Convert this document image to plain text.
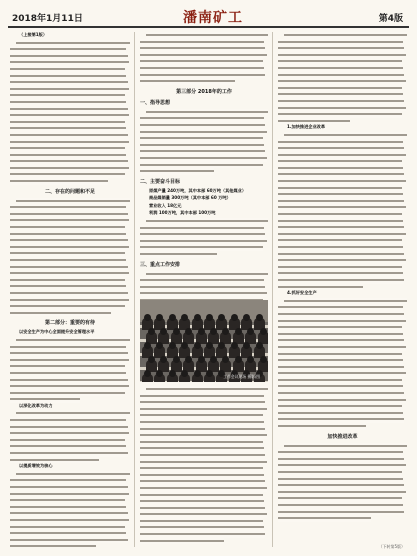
2018年1月11日	潘南矿工	第4版
（上接第1版）
二、存在的问题和不足
第二部分：重要的有待
以安全生产为中心全面提升安全管理水平
以深化改革为动力
以提质增效为核心
第三部分 2018年的工作
一、指导思想
二、主要奋斗目标
原煤产量 240万吨，其中本部 60万吨（其他煤业）
商品煤销量 300万吨（其中本部 60 万吨）
营业收入 18亿元
利润 100万吨，其中本部 100万吨
三、重点工作安排
工作会议现场 摄影/图
1.加快推进企业改革
4.抓好安全生产
加快推进改革
（下转第5版）
